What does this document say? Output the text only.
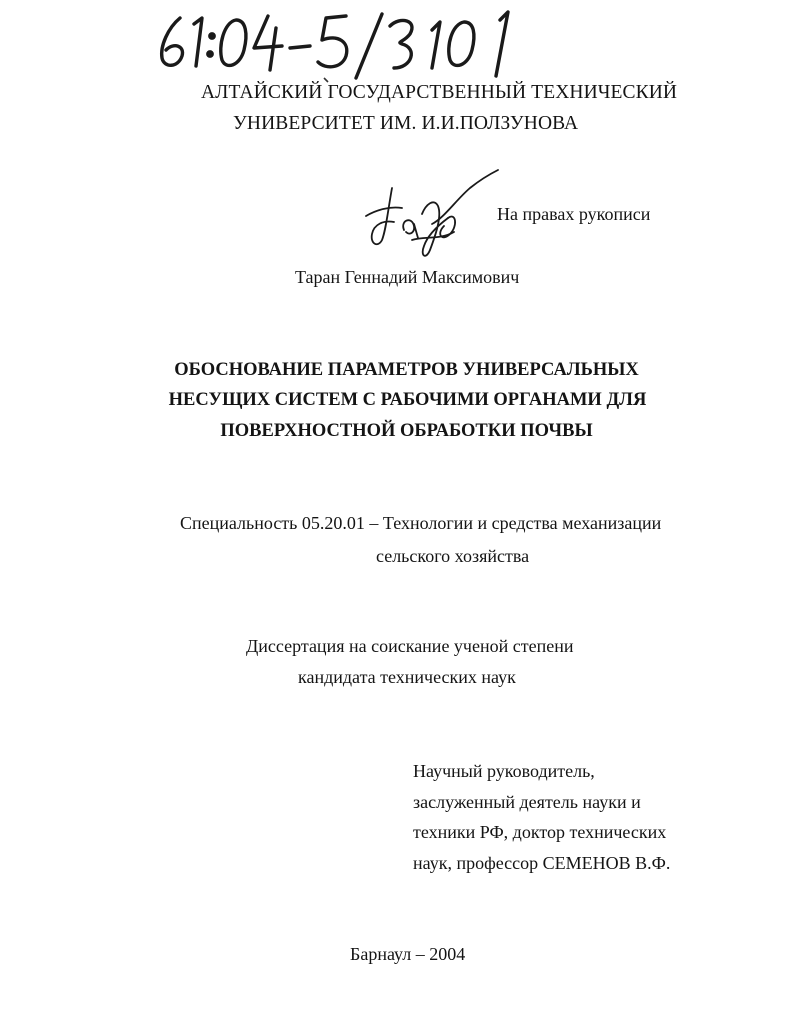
АЛТАЙСКИЙ ГОСУДАРСТВЕННЫЙ ТЕХНИЧЕСКИЙ
УНИВЕРСИТЕТ ИМ. И.И.ПОЛЗУНОВА
На правах рукописи
Таран Геннадий Максимович
ОБОСНОВАНИЕ ПАРАМЕТРОВ УНИВЕРСАЛЬНЫХ
НЕСУЩИХ СИСТЕМ С РАБОЧИМИ ОРГАНАМИ ДЛЯ
ПОВЕРХНОСТНОЙ ОБРАБОТКИ ПОЧВЫ
Специальность 05.20.01 – Технологии и средства механизации
сельского хозяйства
Диссертация на соискание ученой степени
кандидата технических наук
Научный руководитель,
заслуженный деятель науки и
техники РФ, доктор технических
наук, профессор СЕМЕНОВ В.Ф.
Барнаул – 2004
